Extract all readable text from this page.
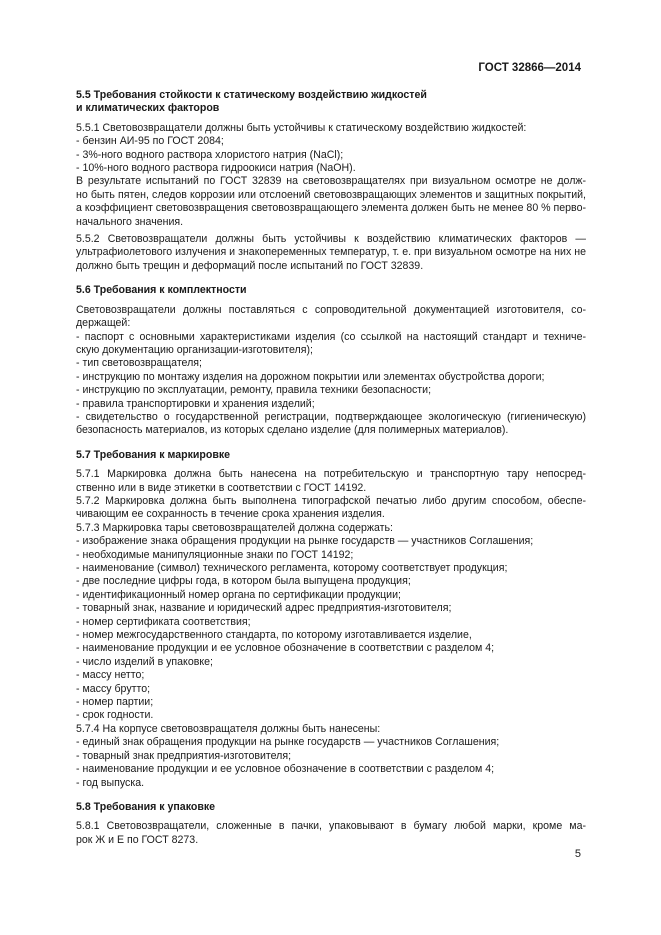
ГОСТ 32866—2014

5.5 Требования стойкости к статическому воздействию жидкостей
и климатических факторов

5.5.1 Световозвращатели должны быть устойчивы к статическому воздействию жидкостей:

- бензин АИ-95 по ГОСТ 2084;

- 3%-ного водного раствора хлористого натрия (NaCl);

- 10%-ного водного раствора гидроокиси натрия (NaOH).

В результате испытаний по ГОСТ 32839 на световозвращателях при визуальном осмотре не долж-

но быть пятен, следов коррозии или отслоений световозвращающих элементов и защитных покрытий,

а коэффициент световозвращения световозвращающего элемента должен быть не менее 80 % перво-

начального значения.

5.5.2 Световозвращатели должны быть устойчивы к воздействию климатических факторов —

ультрафиолетового излучения и знакопеременных температур, т. е. при визуальном осмотре на них не

должно быть трещин и деформаций после испытаний по ГОСТ 32839.

5.6 Требования к комплектности

Световозвращатели должны поставляться с сопроводительной документацией изготовителя, со-

держащей:

- паспорт с основными характеристиками изделия (со ссылкой на настоящий стандарт и техниче-

скую документацию организации-изготовителя);

- тип световозвращателя;

- инструкцию по монтажу изделия на дорожном покрытии или элементах обустройства дороги;

- инструкцию по эксплуатации, ремонту, правила техники безопасности;

- правила транспортировки и хранения изделий;

- свидетельство о государственной регистрации, подтверждающее экологическую (гигиеническую)

безопасность материалов, из которых сделано изделие (для полимерных материалов).

5.7 Требования к маркировке

5.7.1 Маркировка должна быть нанесена на потребительскую и транспортную тару непосред-

ственно или в виде этикетки в соответствии с ГОСТ 14192.

5.7.2 Маркировка должна быть выполнена типографской печатью либо другим способом, обеспе-

чивающим ее сохранность в течение срока хранения изделия.

5.7.3 Маркировка тары световозвращателей должна содержать:

- изображение знака обращения продукции на рынке государств — участников Соглашения;

- необходимые манипуляционные знаки по ГОСТ 14192;

- наименование (символ) технического регламента, которому соответствует продукция;

- две последние цифры года, в котором была выпущена продукция;

- идентификационный номер органа по сертификации продукции;

- товарный знак, название и юридический адрес предприятия-изготовителя;

- номер сертификата соответствия;

- номер межгосударственного стандарта, по которому изготавливается изделие,

- наименование продукции и ее условное обозначение в соответствии с разделом 4;

- число изделий в упаковке;

- массу нетто;

- массу брутто;

- номер партии;

- срок годности.

5.7.4 На корпусе световозвращателя должны быть нанесены:

- единый знак обращения продукции на рынке государств — участников Соглашения;

- товарный знак предприятия-изготовителя;

- наименование продукции и ее условное обозначение в соответствии с разделом 4;

- год выпуска.

5.8 Требования к упаковке

5.8.1 Световозвращатели, сложенные в пачки, упаковывают в бумагу любой марки, кроме ма-

рок Ж и Е по ГОСТ 8273.

5
